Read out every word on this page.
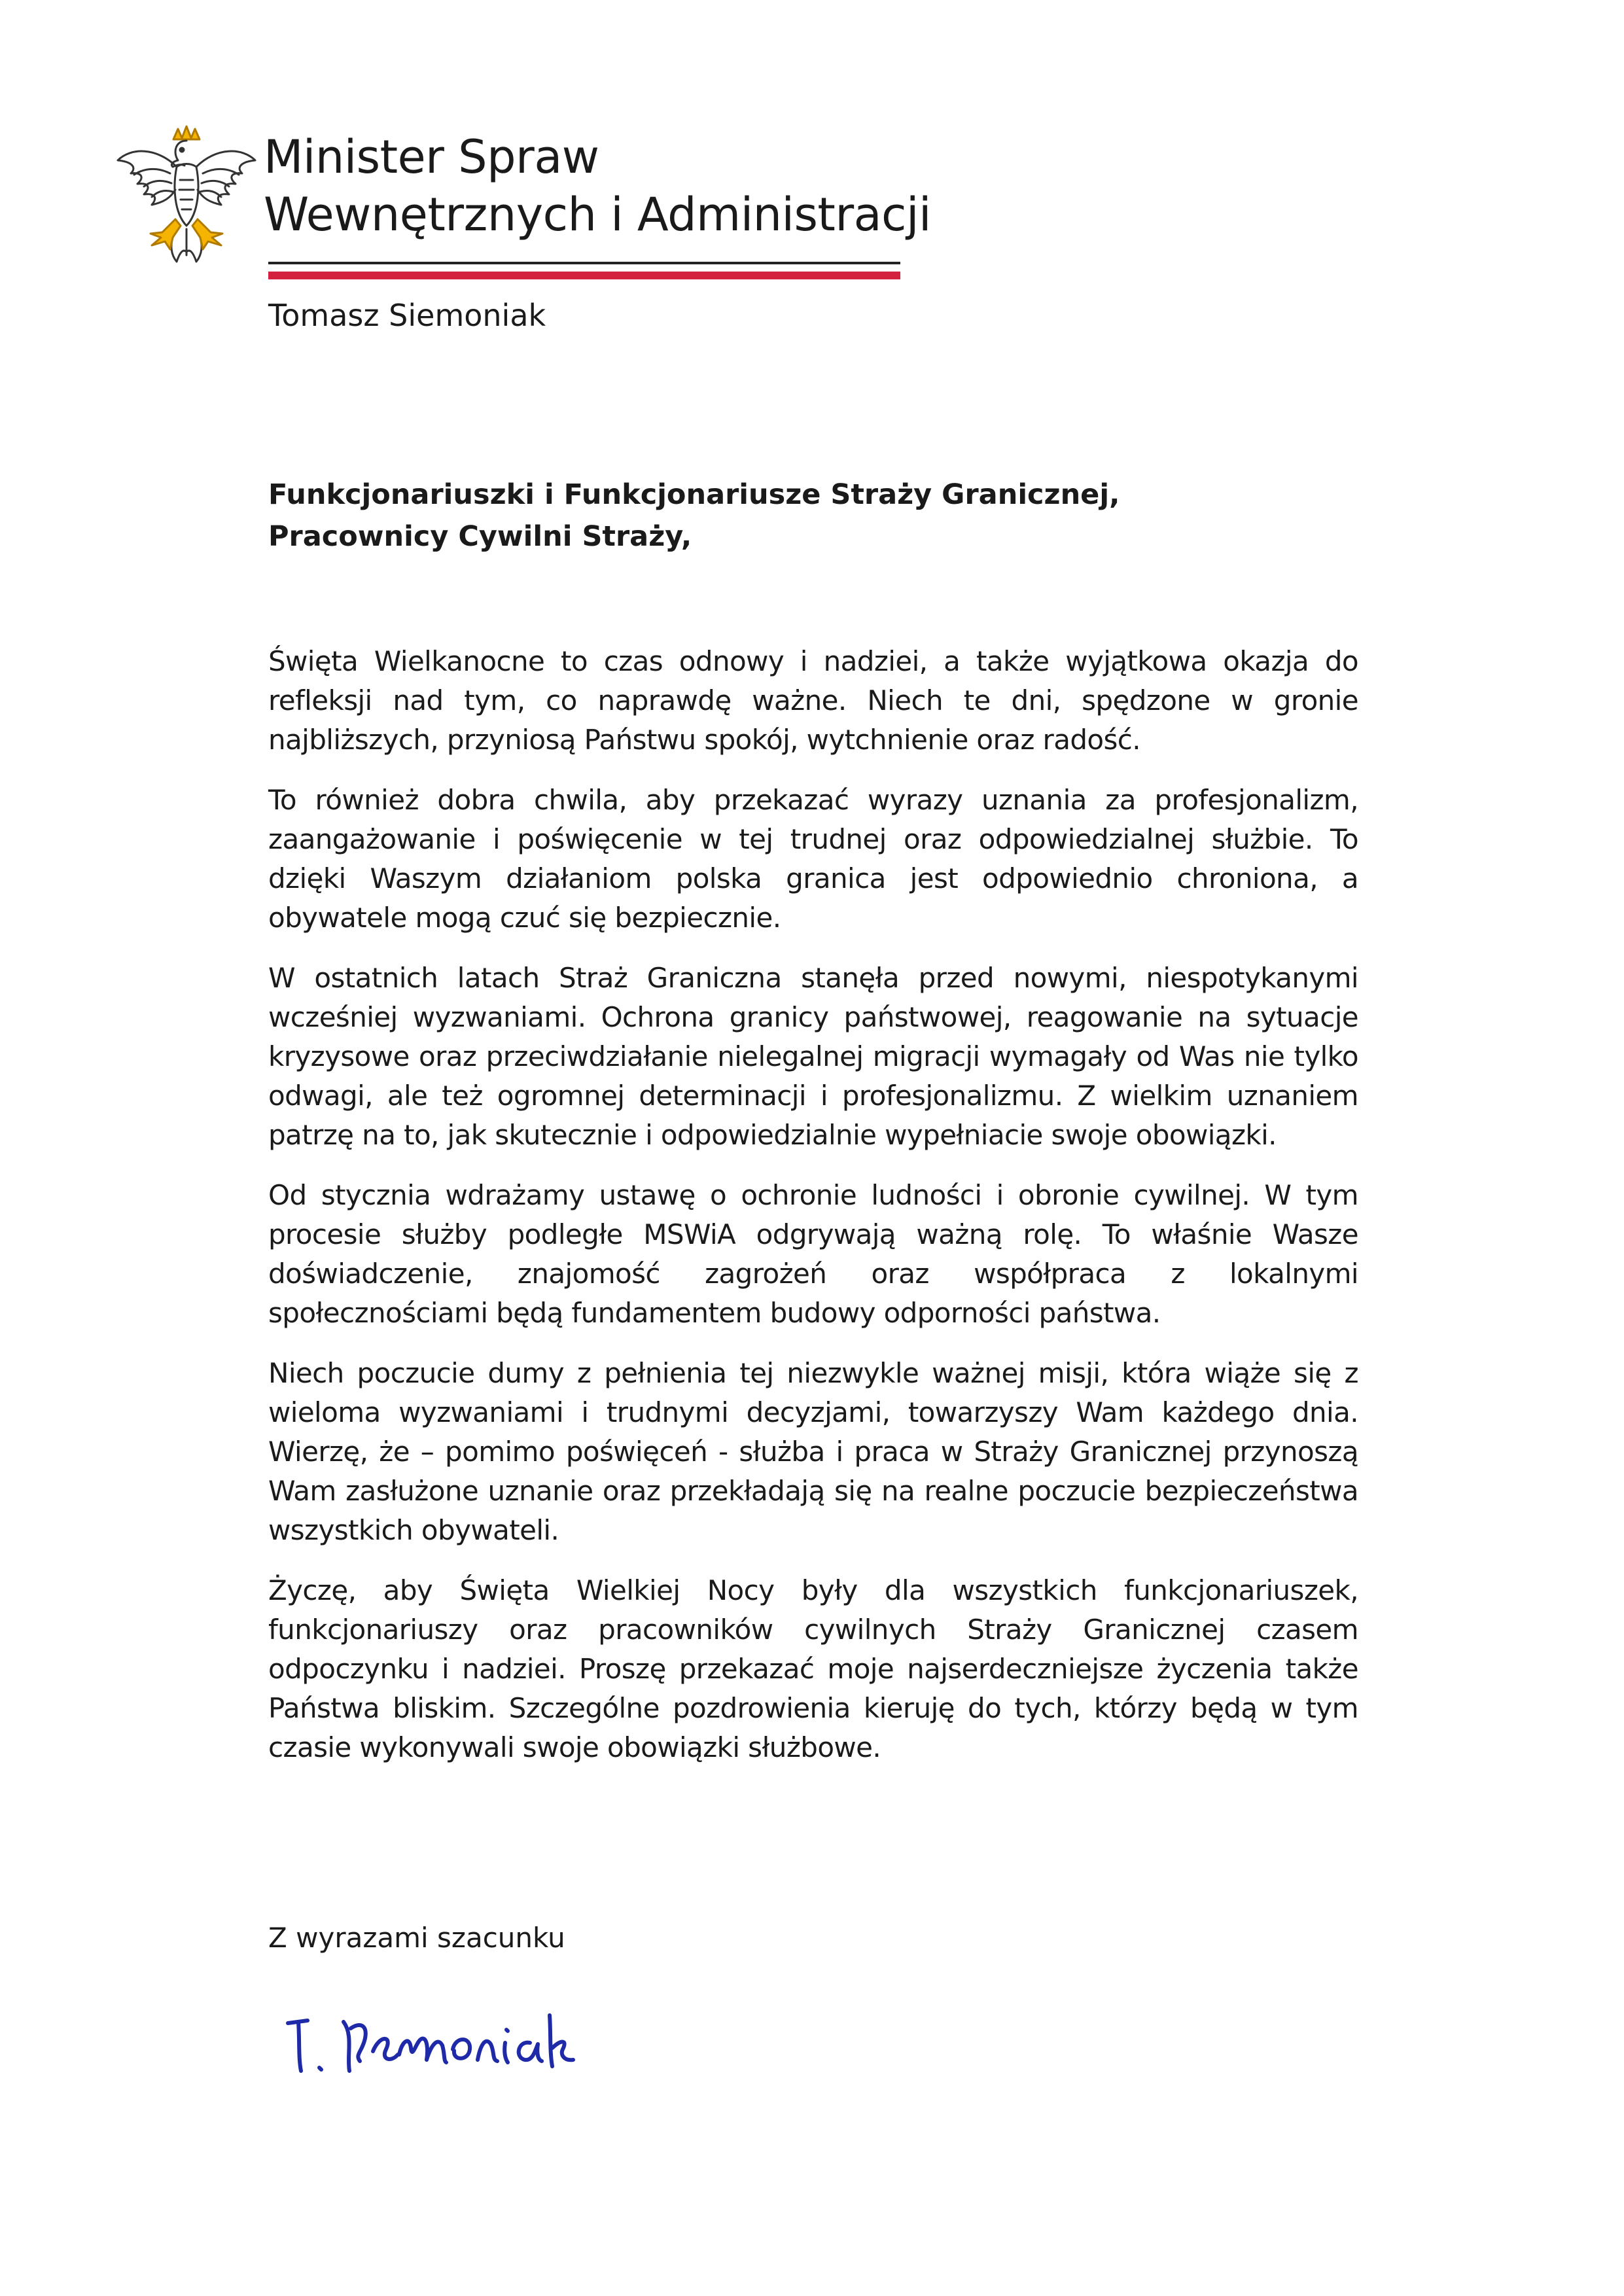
Minister Spraw
Wewnętrznych i Administracji
Tomasz Siemoniak
Funkcjonariuszki i Funkcjonariusze Straży Granicznej,
Pracownicy Cywilni Straży,

Święta Wielkanocne to czas odnowy i nadziei, a także wyjątkowa okazja do refleksji nad tym, co naprawdę ważne. Niech te dni, spędzone w gronie najbliższych, przyniosą Państwu spokój, wytchnienie oraz radość.

To również dobra chwila, aby przekazać wyrazy uznania za profesjonalizm, zaangażowanie i poświęcenie w tej trudnej oraz odpowiedzialnej służbie. To dzięki Waszym działaniom polska granica jest odpowiednio chroniona, a obywatele mogą czuć się bezpiecznie.

W ostatnich latach Straż Graniczna stanęła przed nowymi, niespotykanymi wcześniej wyzwaniami. Ochrona granicy państwowej, reagowanie na sytuacje kryzysowe oraz przeciwdziałanie nielegalnej migracji wymagały od Was nie tylko odwagi, ale też ogromnej determinacji i profesjonalizmu. Z wielkim uznaniem patrzę na to, jak skutecznie i odpowiedzialnie wypełniacie swoje obowiązki.

Od stycznia wdrażamy ustawę o ochronie ludności i obronie cywilnej. W tym procesie służby podległe MSWiA odgrywają ważną rolę. To właśnie Wasze doświadczenie, znajomość zagrożeń oraz współpraca z lokalnymi społecznościami będą fundamentem budowy odporności państwa.

Niech poczucie dumy z pełnienia tej niezwykle ważnej misji, która wiąże się z wieloma wyzwaniami i trudnymi decyzjami, towarzyszy Wam każdego dnia. Wierzę, że – pomimo poświęceń - służba i praca w Straży Granicznej przynoszą Wam zasłużone uznanie oraz przekładają się na realne poczucie bezpieczeństwa wszystkich obywateli.

Życzę, aby Święta Wielkiej Nocy były dla wszystkich funkcjonariuszek, funkcjonariuszy oraz pracowników cywilnych Straży Granicznej czasem odpoczynku i nadziei. Proszę przekazać moje najserdeczniejsze życzenia także Państwa bliskim. Szczególne pozdrowienia kieruję do tych, którzy będą w tym czasie wykonywali swoje obowiązki służbowe.

Z wyrazami szacunku
